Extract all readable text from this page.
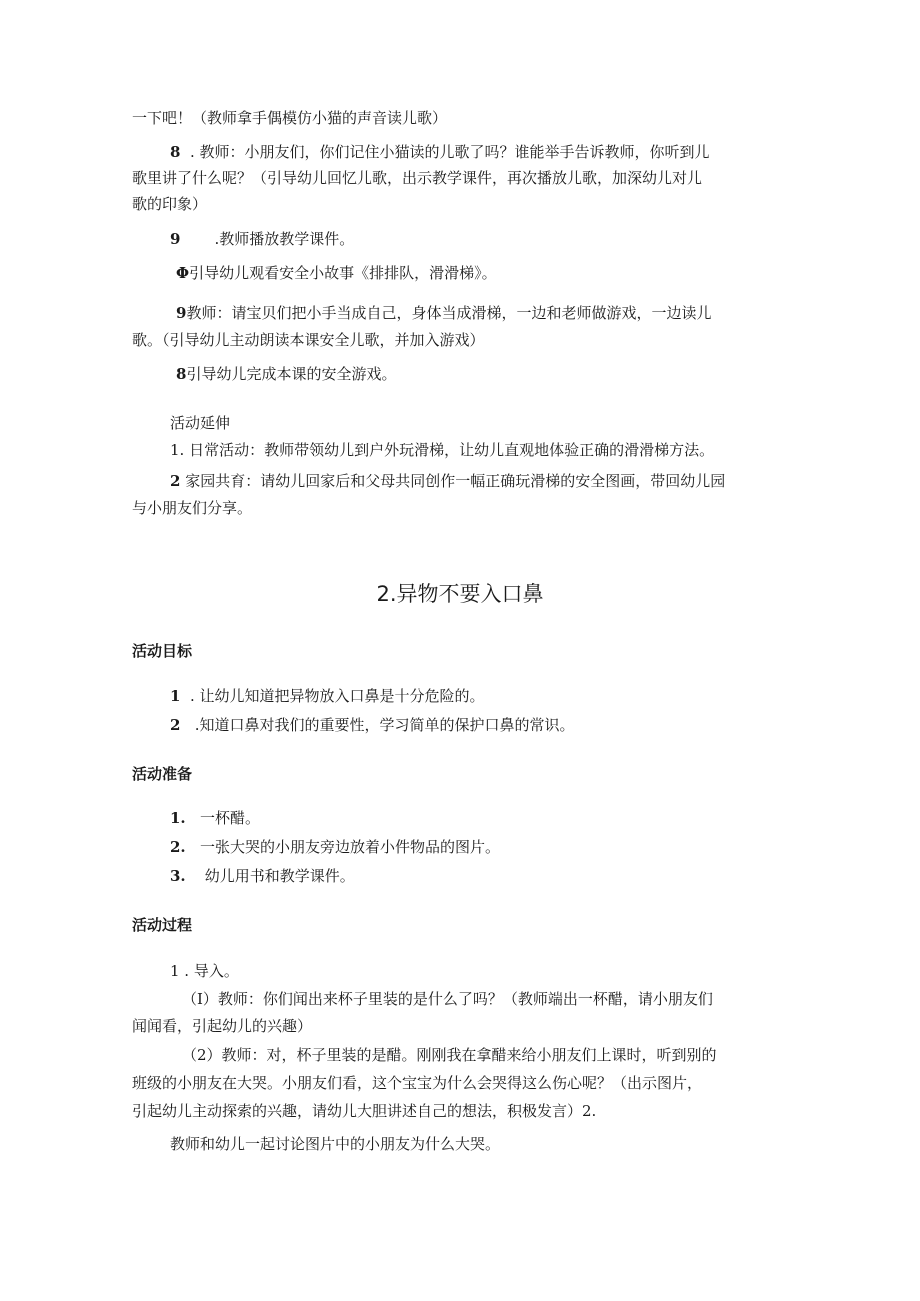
一下吧！（教师拿手偶模仿小猫的声音读儿歌）
8 . 教师：小朋友们，你们记住小猫读的儿歌了吗？谁能举手告诉教师，你听到儿
歌里讲了什么呢？（引导幼儿回忆儿歌，出示教学课件，再次播放儿歌，加深幼儿对儿
歌的印象）
9 .教师播放教学课件。
Φ引导幼儿观看安全小故事《排排队，滑滑梯》。
9教师：请宝贝们把小手当成自己，身体当成滑梯，一边和老师做游戏，一边读儿
歌。（引导幼儿主动朗读本课安全儿歌，并加入游戏）
8引导幼儿完成本课的安全游戏。
活动延伸
1. 日常活动：教师带领幼儿到户外玩滑梯，让幼儿直观地体验正确的滑滑梯方法。
2 家园共育：请幼儿回家后和父母共同创作一幅正确玩滑梯的安全图画，带回幼儿园
与小朋友们分享。
2.异物不要入口鼻
活动目标
1 . 让幼儿知道把异物放入口鼻是十分危险的。
2 .知道口鼻对我们的重要性，学习简单的保护口鼻的常识。
活动准备
1. 一杯醋。
2. 一张大哭的小朋友旁边放着小件物品的图片。
3. 幼儿用书和教学课件。
活动过程
1 . 导入。
（I）教师：你们闻出来杯子里装的是什么了吗？（教师端出一杯醋，请小朋友们
闻闻看，引起幼儿的兴趣）
（2）教师：对，杯子里装的是醋。刚刚我在拿醋来给小朋友们上课时，听到别的
班级的小朋友在大哭。小朋友们看，这个宝宝为什么会哭得这么伤心呢？（出示图片，
引起幼儿主动探索的兴趣，请幼儿大胆讲述自己的想法，积极发言）2.
教师和幼儿一起讨论图片中的小朋友为什么大哭。
